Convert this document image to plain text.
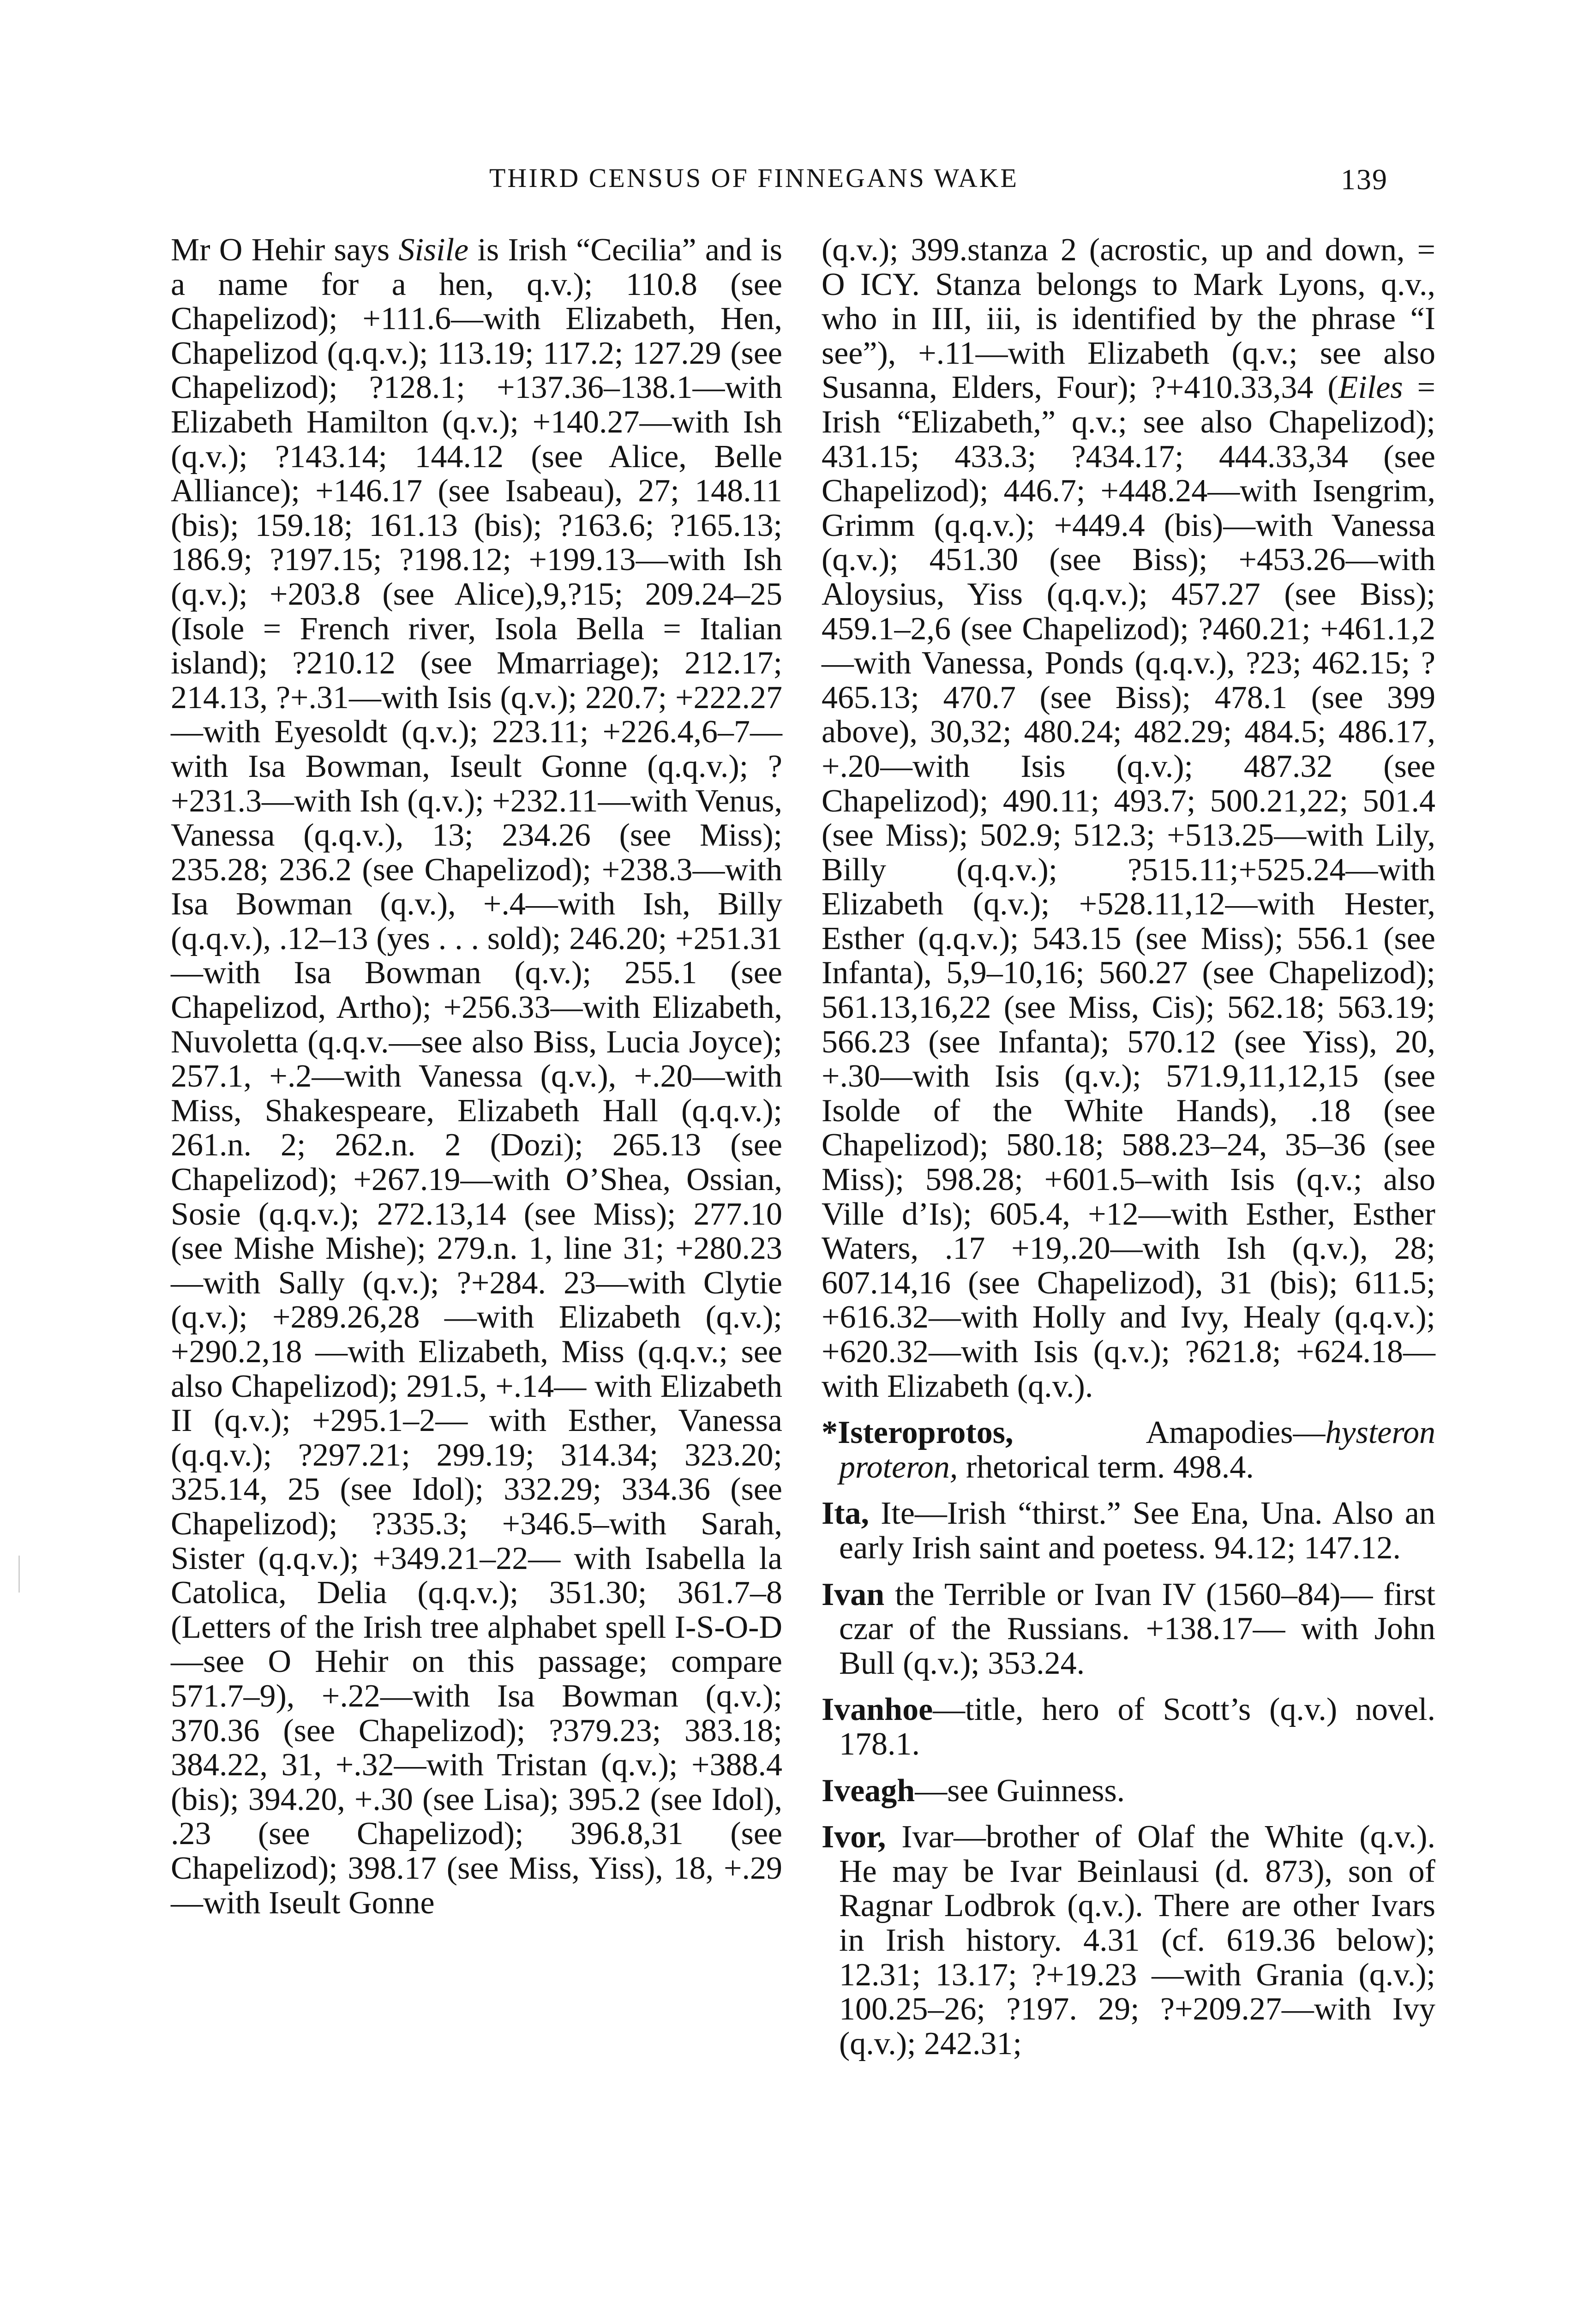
THIRD CENSUS OF FINNEGANS WAKE	139

Mr O Hehir says Sisile is Irish “Cecilia” and is a name for a hen, q.v.); 110.8 (see Chapelizod); +111.6—with Elizabeth, Hen, Chapelizod (q.q.v.); 113.19; 117.2; 127.29 (see Chapelizod); ?128.1; +137.36–138.1—with Elizabeth Hamilton (q.v.); +140.27—with Ish (q.v.); ?143.14; 144.12 (see Alice, Belle Alliance); +146.17 (see Isabeau), 27; 148.11 (bis); 159.18; 161.13 (bis); ?163.6; ?165.13; 186.9; ?197.15; ?198.12; +199.13—with Ish (q.v.); +203.8 (see Alice),9,?15; 209.24–25 (Isole = French river, Isola Bella = Italian island); ?210.12 (see Mmarriage); 212.17; 214.13, ?+.31—with Isis (q.v.); 220.7; +222.27—with Eyesoldt (q.v.); 223.11; +226.4,6–7—with Isa Bowman, Iseult Gonne (q.q.v.); ?+231.3—with Ish (q.v.); +232.11—with Venus, Vanessa (q.q.v.), 13; 234.26 (see Miss); 235.28; 236.2 (see Chapelizod); +238.3—with Isa Bowman (q.v.), +.4—with Ish, Billy (q.q.v.), .12–13 (yes . . . sold); 246.20; +251.31—with Isa Bowman (q.v.); 255.1 (see Chapelizod, Artho); +256.33—with Elizabeth, Nuvoletta (q.q.v.—see also Biss, Lucia Joyce); 257.1, +.2—with Vanessa (q.v.), +.20—with Miss, Shakespeare, Elizabeth Hall (q.q.v.); 261.n. 2; 262.n. 2 (Dozi); 265.13 (see Chapelizod); +267.19—with O’Shea, Ossian, Sosie (q.q.v.); 272.13,14 (see Miss); 277.10 (see Mishe Mishe); 279.n. 1, line 31; +280.23—with Sally (q.v.); ?+284. 23—with Clytie (q.v.); +289.26,28 —with Elizabeth (q.v.); +290.2,18 —with Elizabeth, Miss (q.q.v.; see also Chapelizod); 291.5, +.14— with Elizabeth II (q.v.); +295.1–2— with Esther, Vanessa (q.q.v.); ?297.21; 299.19; 314.34; 323.20; 325.14, 25 (see Idol); 332.29; 334.36 (see Chapelizod); ?335.3; +346.5–with Sarah, Sister (q.q.v.); +349.21–22— with Isabella la Catolica, Delia (q.q.v.); 351.30; 361.7–8 (Letters of the Irish tree alphabet spell I-S-O-D—see O Hehir on this passage; compare 571.7–9), +.22—with Isa Bowman (q.v.); 370.36 (see Chapelizod); ?379.23; 383.18; 384.22, 31, +.32—with Tristan (q.v.); +388.4 (bis); 394.20, +.30 (see Lisa); 395.2 (see Idol), .23 (see Chapelizod); 396.8,31 (see Chapelizod); 398.17 (see Miss, Yiss), 18, +.29—with Iseult Gonne

(q.v.); 399.stanza 2 (acrostic, up and down, = O ICY. Stanza belongs to Mark Lyons, q.v., who in III, iii, is identified by the phrase “I see”), +.11—with Elizabeth (q.v.; see also Susanna, Elders, Four); ?+410.33,34 (Eiles = Irish “Elizabeth,” q.v.; see also Chapelizod); 431.15; 433.3; ?434.17; 444.33,34 (see Chapelizod); 446.7; +448.24—with Isengrim, Grimm (q.q.v.); +449.4 (bis)—with Vanessa (q.v.); 451.30 (see Biss); +453.26—with Aloysius, Yiss (q.q.v.); 457.27 (see Biss); 459.1–2,6 (see Chapelizod); ?460.21; +461.1,2—with Vanessa, Ponds (q.q.v.), ?23; 462.15; ?465.13; 470.7 (see Biss); 478.1 (see 399 above), 30,32; 480.24; 482.29; 484.5; 486.17, +.20—with Isis (q.v.); 487.32 (see Chapelizod); 490.11; 493.7; 500.21,22; 501.4 (see Miss); 502.9; 512.3; +513.25—with Lily, Billy (q.q.v.); ?515.11;+525.24—with Elizabeth (q.v.); +528.11,12—with Hester, Esther (q.q.v.); 543.15 (see Miss); 556.1 (see Infanta), 5,9–10,16; 560.27 (see Chapelizod); 561.13,16,22 (see Miss, Cis); 562.18; 563.19; 566.23 (see Infanta); 570.12 (see Yiss), 20, +.30—with Isis (q.v.); 571.9,11,12,15 (see Isolde of the White Hands), .18 (see Chapelizod); 580.18; 588.23–24, 35–36 (see Miss); 598.28; +601.5–with Isis (q.v.; also Ville d’Is); 605.4, +12—with Esther, Esther Waters, .17 +19,.20—with Ish (q.v.), 28; 607.14,16 (see Chapelizod), 31 (bis); 611.5; +616.32—with Holly and Ivy, Healy (q.q.v.); +620.32—with Isis (q.v.); ?621.8; +624.18—with Elizabeth (q.v.).

*Isteroprotos, Amapodies—hysteron proteron, rhetorical term. 498.4.

Ita, Ite—Irish “thirst.” See Ena, Una. Also an early Irish saint and poetess. 94.12; 147.12.

Ivan the Terrible or Ivan IV (1560–84)— first czar of the Russians. +138.17— with John Bull (q.v.); 353.24.

Ivanhoe—title, hero of Scott’s (q.v.) novel. 178.1.

Iveagh—see Guinness.

Ivor, Ivar—brother of Olaf the White (q.v.). He may be Ivar Beinlausi (d. 873), son of Ragnar Lodbrok (q.v.). There are other Ivars in Irish history. 4.31 (cf. 619.36 below); 12.31; 13.17; ?+19.23 —with Grania (q.v.); 100.25–26; ?197. 29; ?+209.27—with Ivy (q.v.); 242.31;
